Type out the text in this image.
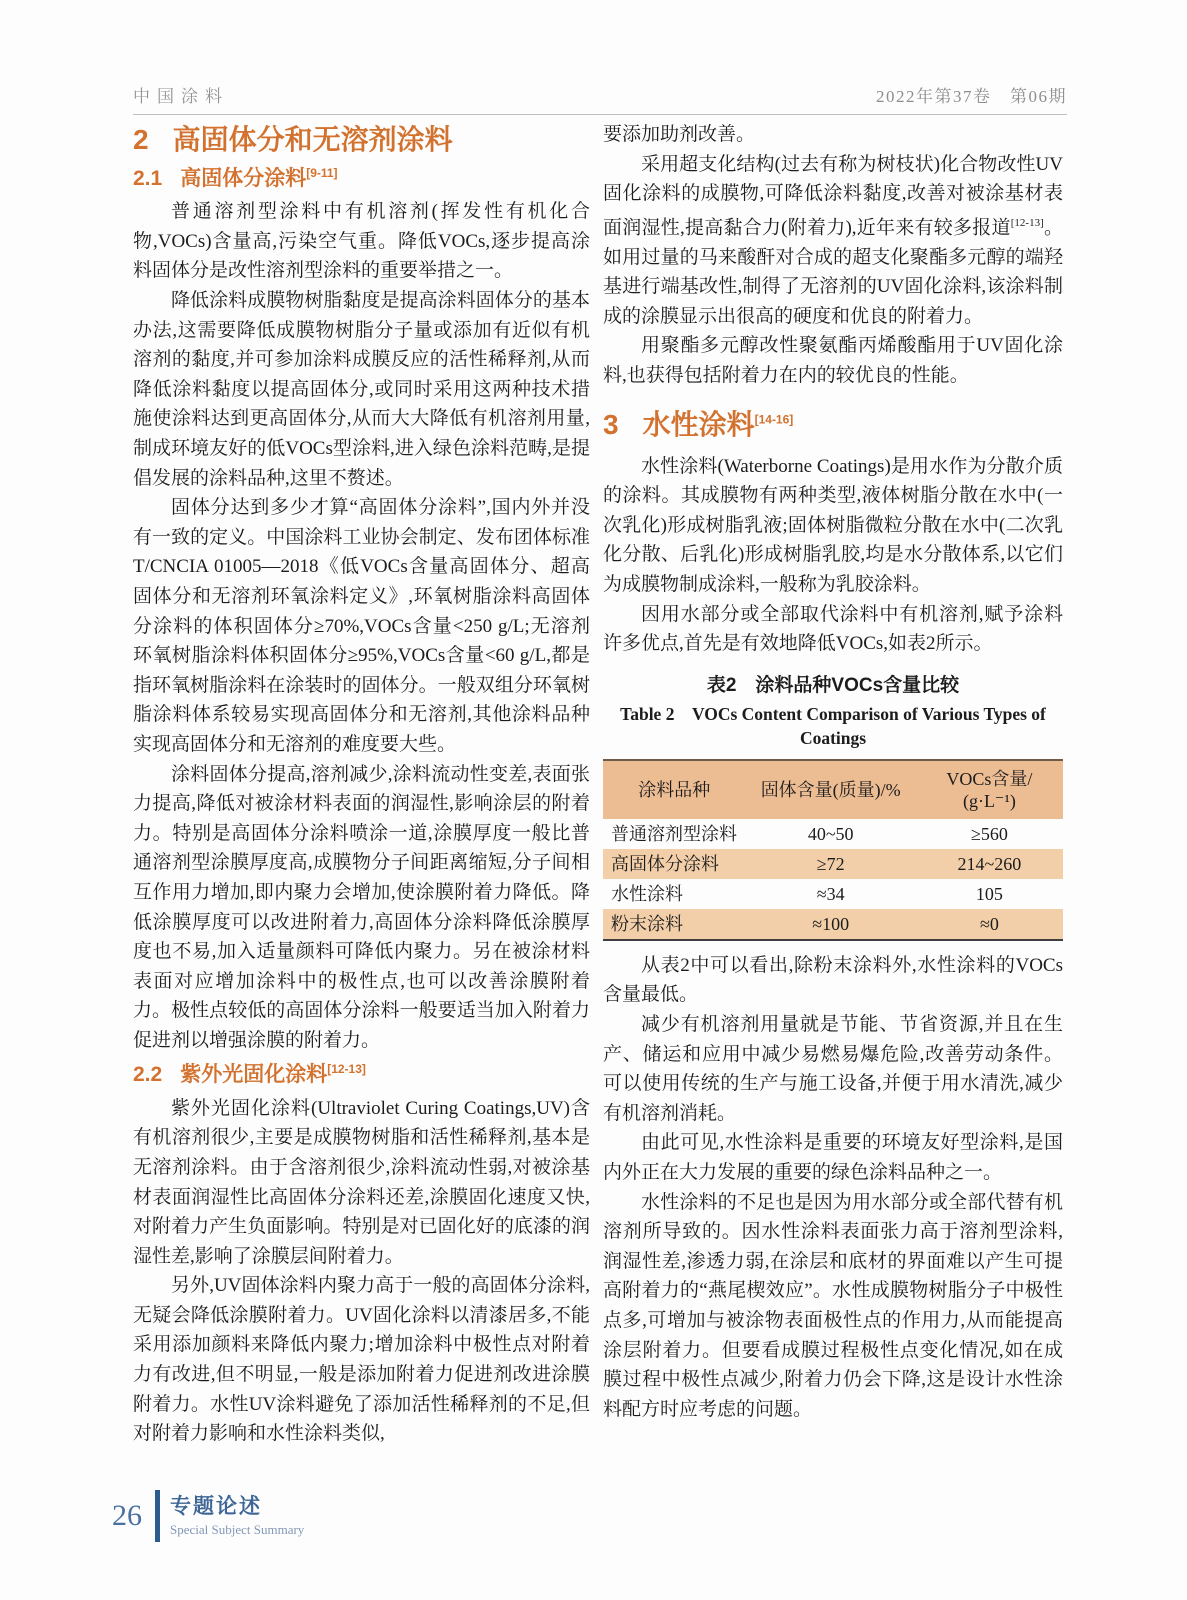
中国涂料	2022年第37卷　第06期
2 高固体分和无溶剂涂料
2.1 高固体分涂料[9-11]

普通溶剂型涂料中有机溶剂(挥发性有机化合物,VOCs)含量高,污染空气重。降低VOCs,逐步提高涂料固体分是改性溶剂型涂料的重要举措之一。

降低涂料成膜物树脂黏度是提高涂料固体分的基本办法,这需要降低成膜物树脂分子量或添加有近似有机溶剂的黏度,并可参加涂料成膜反应的活性稀释剂,从而降低涂料黏度以提高固体分,或同时采用这两种技术措施使涂料达到更高固体分,从而大大降低有机溶剂用量,制成环境友好的低VOCs型涂料,进入绿色涂料范畴,是提倡发展的涂料品种,这里不赘述。

固体分达到多少才算“高固体分涂料”,国内外并没有一致的定义。中国涂料工业协会制定、发布团体标准T/CNCIA 01005—2018《低VOCs含量高固体分、超高固体分和无溶剂环氧涂料定义》,环氧树脂涂料高固体分涂料的体积固体分≥70%,VOCs含量<250 g/L;无溶剂环氧树脂涂料体积固体分≥95%,VOCs含量<60 g/L,都是指环氧树脂涂料在涂装时的固体分。一般双组分环氧树脂涂料体系较易实现高固体分和无溶剂,其他涂料品种实现高固体分和无溶剂的难度要大些。

涂料固体分提高,溶剂减少,涂料流动性变差,表面张力提高,降低对被涂材料表面的润湿性,影响涂层的附着力。特别是高固体分涂料喷涂一道,涂膜厚度一般比普通溶剂型涂膜厚度高,成膜物分子间距离缩短,分子间相互作用力增加,即内聚力会增加,使涂膜附着力降低。降低涂膜厚度可以改进附着力,高固体分涂料降低涂膜厚度也不易,加入适量颜料可降低内聚力。另在被涂材料表面对应增加涂料中的极性点,也可以改善涂膜附着力。极性点较低的高固体分涂料一般要适当加入附着力促进剂以增强涂膜的附着力。

2.2 紫外光固化涂料[12-13]

紫外光固化涂料(Ultraviolet Curing Coatings,UV)含有机溶剂很少,主要是成膜物树脂和活性稀释剂,基本是无溶剂涂料。由于含溶剂很少,涂料流动性弱,对被涂基材表面润湿性比高固体分涂料还差,涂膜固化速度又快,对附着力产生负面影响。特别是对已固化好的底漆的润湿性差,影响了涂膜层间附着力。

另外,UV固体涂料内聚力高于一般的高固体分涂料,无疑会降低涂膜附着力。UV固化涂料以清漆居多,不能采用添加颜料来降低内聚力;增加涂料中极性点对附着力有改进,但不明显,一般是添加附着力促进剂改进涂膜附着力。水性UV涂料避免了添加活性稀释剂的不足,但对附着力影响和水性涂料类似,

要添加助剂改善。

采用超支化结构(过去有称为树枝状)化合物改性UV固化涂料的成膜物,可降低涂料黏度,改善对被涂基材表面润湿性,提高黏合力(附着力),近年来有较多报道[12-13]。如用过量的马来酸酐对合成的超支化聚酯多元醇的端羟基进行端基改性,制得了无溶剂的UV固化涂料,该涂料制成的涂膜显示出很高的硬度和优良的附着力。

用聚酯多元醇改性聚氨酯丙烯酸酯用于UV固化涂料,也获得包括附着力在内的较优良的性能。

3 水性涂料[14-16]

水性涂料(Waterborne Coatings)是用水作为分散介质的涂料。其成膜物有两种类型,液体树脂分散在水中(一次乳化)形成树脂乳液;固体树脂微粒分散在水中(二次乳化分散、后乳化)形成树脂乳胶,均是水分散体系,以它们为成膜物制成涂料,一般称为乳胶涂料。

因用水部分或全部取代涂料中有机溶剂,赋予涂料许多优点,首先是有效地降低VOCs,如表2所示。

表2　涂料品种VOCs含量比较
Table 2　VOCs Content Comparison of Various Types of Coatings
涂料品种	固体含量(质量)/%	VOCs含量/
(g·L⁻¹)
普通溶剂型涂料	40~50	≥560
高固体分涂料	≥72	214~260
水性涂料	≈34	105
粉末涂料	≈100	≈0

从表2中可以看出,除粉末涂料外,水性涂料的VOCs含量最低。

减少有机溶剂用量就是节能、节省资源,并且在生产、储运和应用中减少易燃易爆危险,改善劳动条件。可以使用传统的生产与施工设备,并便于用水清洗,减少有机溶剂消耗。

由此可见,水性涂料是重要的环境友好型涂料,是国内外正在大力发展的重要的绿色涂料品种之一。

水性涂料的不足也是因为用水部分或全部代替有机溶剂所导致的。因水性涂料表面张力高于溶剂型涂料,润湿性差,渗透力弱,在涂层和底材的界面难以产生可提高附着力的“燕尾楔效应”。水性成膜物树脂分子中极性点多,可增加与被涂物表面极性点的作用力,从而能提高涂层附着力。但要看成膜过程极性点变化情况,如在成膜过程中极性点减少,附着力仍会下降,这是设计水性涂料配方时应考虑的问题。

26 专题论述
Special Subject Summary
